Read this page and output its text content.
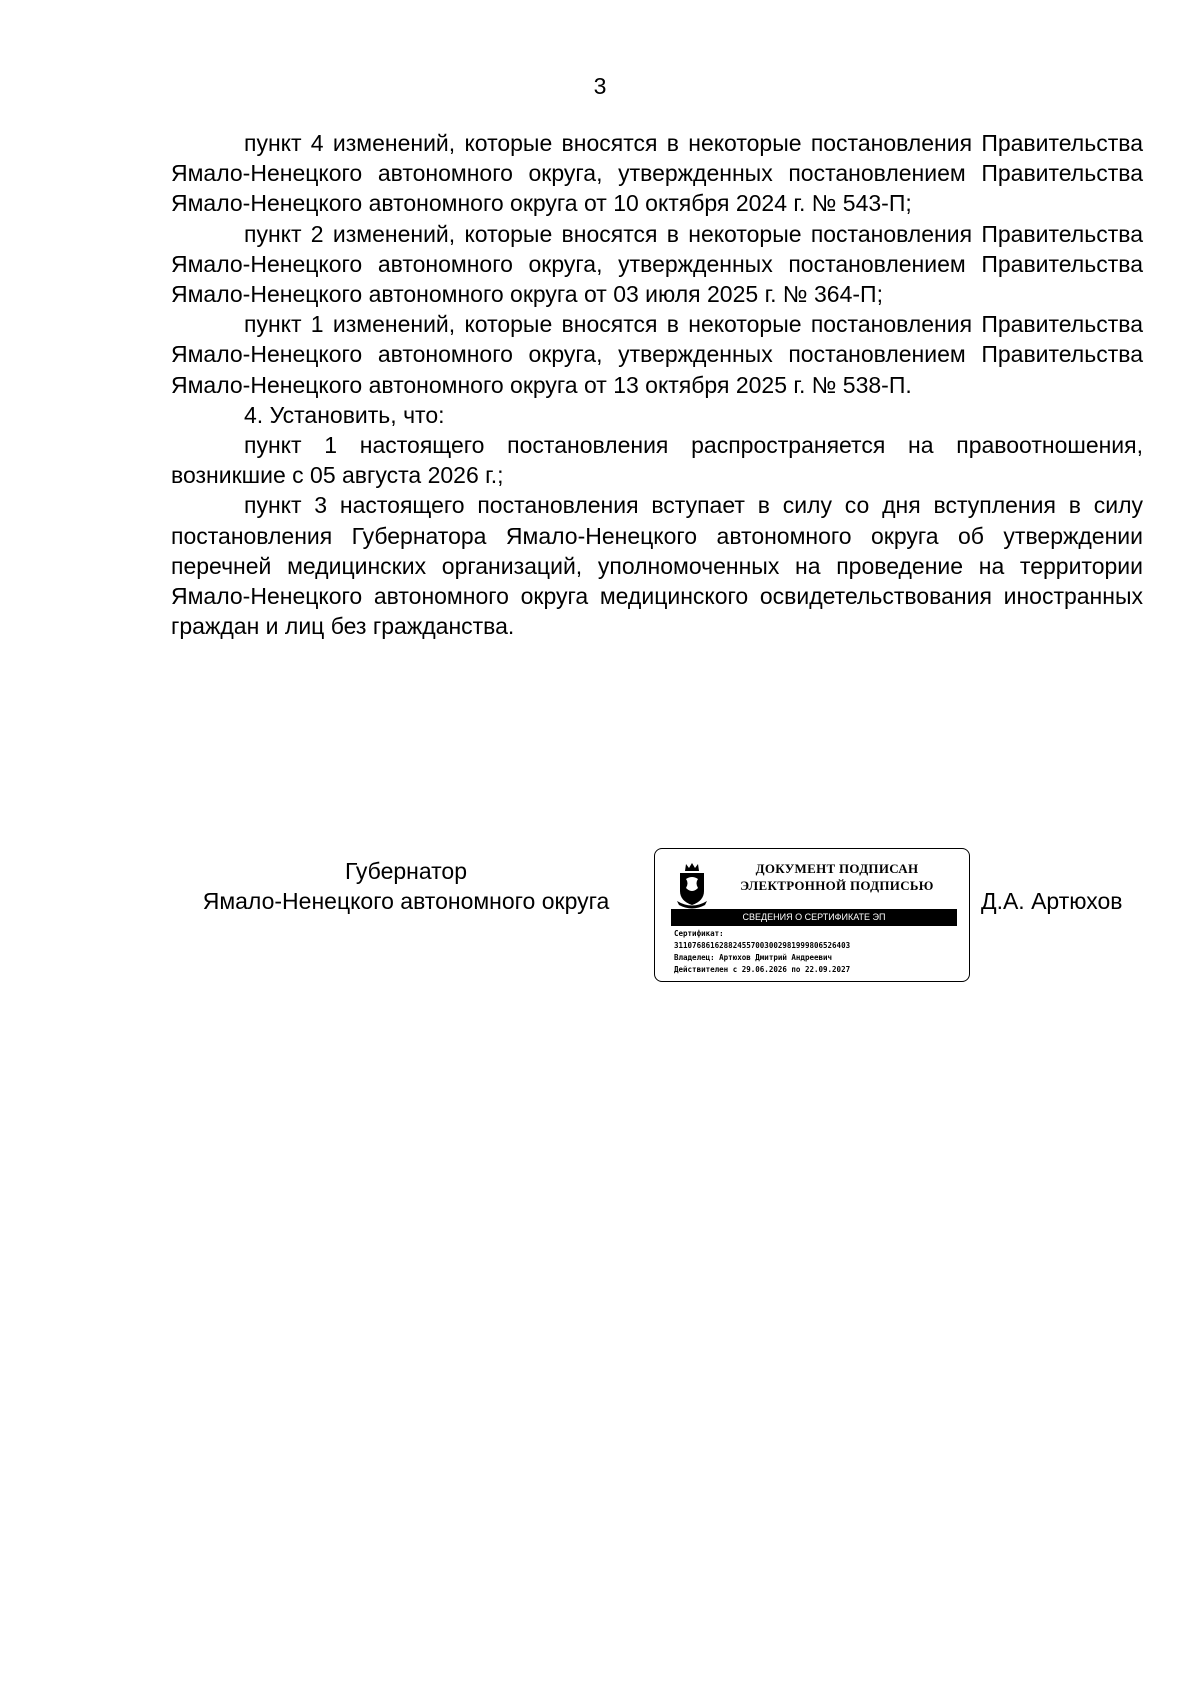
3

пункт 4 изменений, которые вносятся в некоторые постановления Правительства Ямало-Ненецкого автономного округа, утвержденных постановлением Правительства Ямало-Ненецкого автономного округа от 10 октября 2024 г. № 543-П;

пункт 2 изменений, которые вносятся в некоторые постановления Правительства Ямало-Ненецкого автономного округа, утвержденных постановлением Правительства Ямало-Ненецкого автономного округа от 03 июля 2025 г. № 364-П;

пункт 1 изменений, которые вносятся в некоторые постановления Правительства Ямало-Ненецкого автономного округа, утвержденных постановлением Правительства Ямало-Ненецкого автономного округа от 13 октября 2025 г. № 538-П.

4. Установить, что:

пункт 1 настоящего постановления распространяется на правоотношения, возникшие с 05 августа 2026 г.;

пункт 3 настоящего постановления вступает в силу со дня вступления в силу постановления Губернатора Ямало-Ненецкого автономного округа об утверждении перечней медицинских организаций, уполномоченных на проведение на территории Ямало-Ненецкого автономного округа медицинского освидетельствования иностранных граждан и лиц без гражданства.

Губернатор
Ямало-Ненецкого автономного округа
ДОКУМЕНТ ПОДПИСАН
ЭЛЕКТРОННОЙ ПОДПИСЬЮ
СВЕДЕНИЯ О СЕРТИФИКАТЕ ЭП
Сертификат:
311076861628824557003002981999806526403
Владелец: Артюхов Дмитрий Андреевич
Действителен с 29.06.2026 по 22.09.2027
Д.А. Артюхов
